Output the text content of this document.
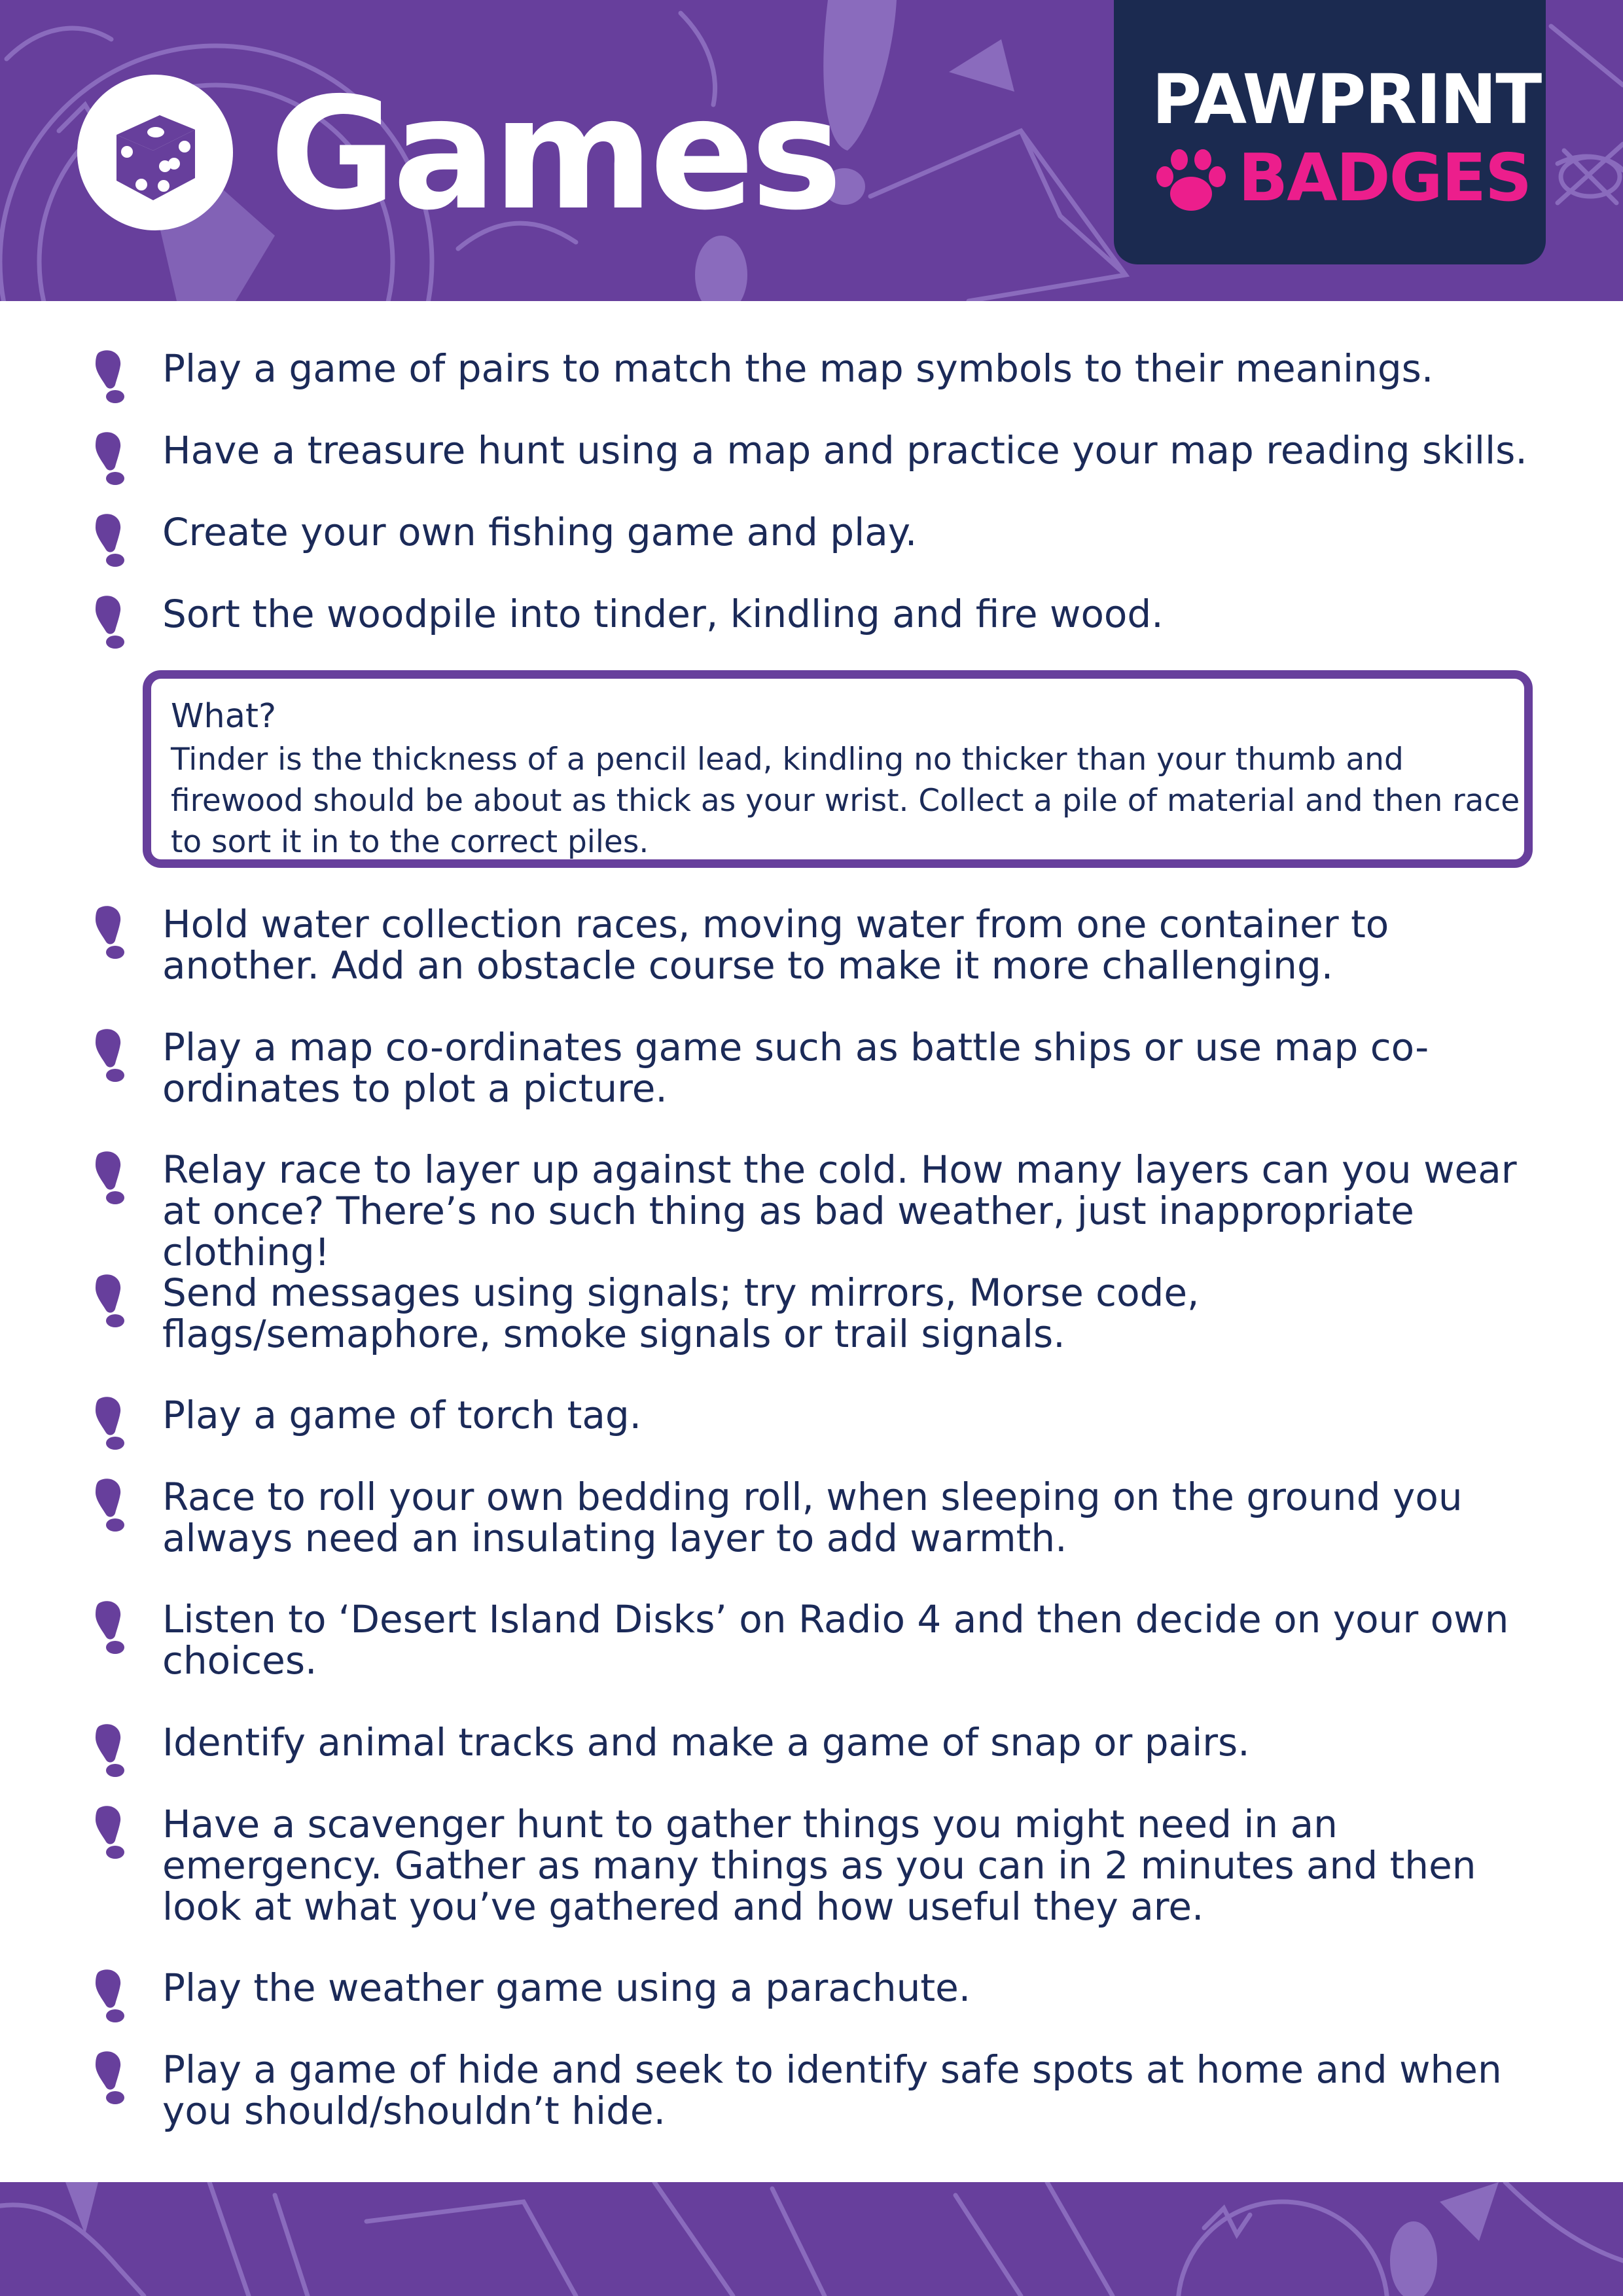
Games	PAWPRINT
BADGES
Play a game of pairs to match the map symbols to their meanings.
Have a treasure hunt using a map and practice your map reading skills.
Create your own fishing game and play.
Sort the woodpile into tinder, kindling and fire wood.
What?
Tinder is the thickness of a pencil lead, kindling no thicker than your thumb and firewood should be about as thick as your wrist. Collect a pile of material and then race to sort it in to the correct piles.
Hold water collection races, moving water from one container to another. Add an obstacle course to make it more challenging.
Play a map co-ordinates game such as battle ships or use map co-ordinates to plot a picture.
Relay race to layer up against the cold. How many layers can you wear at once? There’s no such thing as bad weather, just inappropriate clothing!
Send messages using signals; try mirrors, Morse code, flags/semaphore, smoke signals or trail signals.
Play a game of torch tag.
Race to roll your own bedding roll, when sleeping on the ground you always need an insulating layer to add warmth.
Listen to ‘Desert Island Disks’ on Radio 4 and then decide on your own choices.
Identify animal tracks and make a game of snap or pairs.
Have a scavenger hunt to gather things you might need in an emergency. Gather as many things as you can in 2 minutes and then look at what you’ve gathered and how useful they are.
Play the weather game using a parachute.
Play a game of hide and seek to identify safe spots at home and when you should/shouldn’t hide.
